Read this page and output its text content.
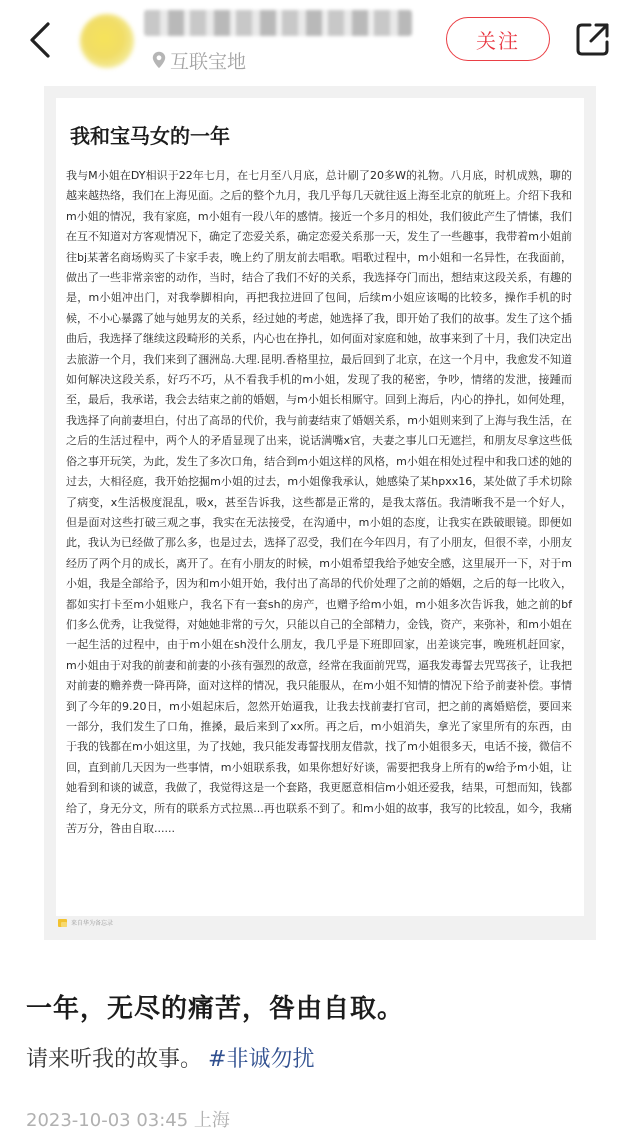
互联宝地
关注
我和宝马女的一年
我与M小姐在DY相识于22年七月，在七月至八月底，总计刷了20多W的礼物。八月底，时机成熟，聊的越来越热络，我们在上海见面。之后的整个九月，我几乎每几天就往返上海至北京的航班上。介绍下我和m小姐的情况，我有家庭，m小姐有一段八年的感情。接近一个多月的相处，我们彼此产生了情愫，我们在互不知道对方客观情况下，确定了恋爱关系，确定恋爱关系那一天，发生了一些趣事，我带着m小姐前往bj某著名商场购买了卡家手表，晚上约了朋友前去唱歌。唱歌过程中，m小姐和一名异性，在我面前，做出了一些非常亲密的动作，当时，结合了我们不好的关系，我选择夺门而出，想结束这段关系，有趣的是，m小姐冲出门，对我拳脚相向，再把我拉进回了包间，后续m小姐应该喝的比较多，操作手机的时候，不小心暴露了她与她男友的关系，经过她的考虑，她选择了我，即开始了我们的故事。发生了这个插曲后，我选择了继续这段畸形的关系，内心也在挣扎，如何面对家庭和她，故事来到了十月，我们决定出去旅游一个月，我们来到了涠洲岛.大理.昆明.香格里拉，最后回到了北京，在这一个月中，我愈发不知道如何解决这段关系，好巧不巧，从不看我手机的m小姐，发现了我的秘密，争吵，情绪的发泄，接踵而至，最后，我承诺，我会去结束之前的婚姻，与m小姐长相厮守。回到上海后，内心的挣扎，如何处理，我选择了向前妻坦白，付出了高昂的代价，我与前妻结束了婚姻关系，m小姐则来到了上海与我生活，在之后的生活过程中，两个人的矛盾显现了出来，说话满嘴x官，夫妻之事儿口无遮拦，和朋友尽拿这些低俗之事开玩笑，为此，发生了多次口角，结合到m小姐这样的风格，m小姐在相处过程中和我口述的她的过去，大相径庭，我开始挖掘m小姐的过去，m小姐像我承认，她感染了某hpxx16，某处做了手术切除了病变，x生活极度混乱，吸x，甚至告诉我，这些都是正常的，是我太落伍。我清晰我不是一个好人，但是面对这些打破三观之事，我实在无法接受，在沟通中，m小姐的态度，让我实在跌破眼镜。即便如此，我认为已经做了那么多，也是过去，选择了忍受，我们在今年四月，有了小朋友，但很不幸，小朋友经历了两个月的成长，离开了。在有小朋友的时候，m小姐希望我给予她安全感，这里展开一下，对于m小姐，我是全部给予，因为和m小姐开始，我付出了高昂的代价处理了之前的婚姻，之后的每一比收入，都如实打卡至m小姐账户，我名下有一套sh的房产，也赠予给m小姐，m小姐多次告诉我，她之前的bf们多么优秀，让我觉得，对她她非常的亏欠，只能以自己的全部精力，金钱，资产，来弥补，和m小姐在一起生活的过程中，由于m小姐在sh没什么朋友，我几乎是下班即回家，出差谈完事，晚班机赶回家，m小姐由于对我的前妻和前妻的小孩有强烈的敌意，经常在我面前咒骂，逼我发毒誓去咒骂孩子，让我把对前妻的赡养费一降再降，面对这样的情况，我只能服从，在m小姐不知情的情况下给予前妻补偿。事情到了今年的9.20日，m小姐起床后，忽然开始逼我，让我去找前妻打官司，把之前的离婚赔偿，要回来一部分，我们发生了口角，推搡，最后来到了xx所。再之后，m小姐消失，拿光了家里所有的东西，由于我的钱都在m小姐这里，为了找她，我只能发毒誓找朋友借款，找了m小姐很多天，电话不接，微信不回，直到前几天因为一些事情，m小姐联系我，如果你想好好谈，需要把我身上所有的w给予m小姐，让她看到和谈的诚意，我做了，我觉得这是一个套路，我更愿意相信m小姐还爱我，结果，可想而知，钱都给了，身无分文，所有的联系方式拉黑...再也联系不到了。和m小姐的故事，我写的比较乱，如今，我痛苦万分，咎由自取......
来自华为备忘录
一年，无尽的痛苦，咎由自取。
请来听我的故事。 #非诚勿扰
2023-10-03 03:45 上海
